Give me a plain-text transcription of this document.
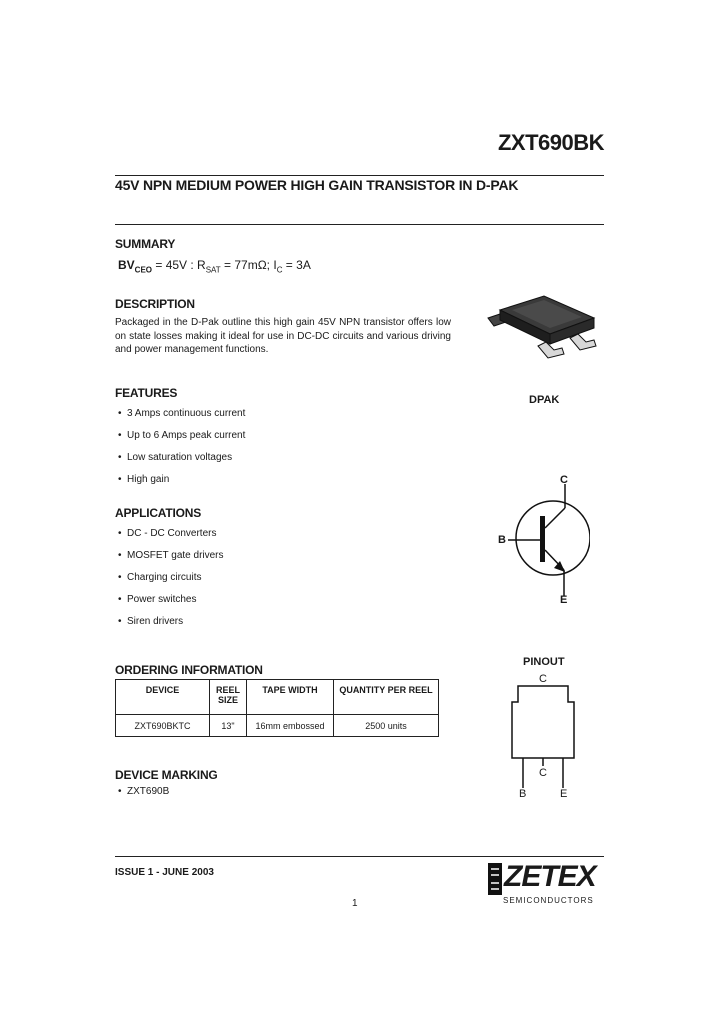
ZXT690BK
45V NPN MEDIUM POWER HIGH GAIN TRANSISTOR IN D-PAK
SUMMARY
$BV_{CEO} = 45V$ : $R_{SAT} = 77m\Omega$; $I_C = 3A$
DESCRIPTION
Packaged in the D-Pak outline this high gain 45V NPN transistor offers low on state losses making it ideal for use in DC-DC circuits and various driving and power management functions.
FEATURES
• 3 Amps continuous current
• Up to 6 Amps peak current
• Low saturation voltages
• High gain
APPLICATIONS
• DC - DC Converters
• MOSFET gate drivers
• Charging circuits
• Power switches
• Siren drivers
ORDERING INFORMATION
DEVICE	REEL SIZE	TAPE WIDTH	QUANTITY PER REEL
ZXT690BKTC	13"	16mm embossed	2500 units
DEVICE MARKING
• ZXT690B
DPAK
C
B
E
PINOUT
C
B
C
E
ISSUE 1 - JUNE 2003
1
ZETEX
SEMICONDUCTORS
